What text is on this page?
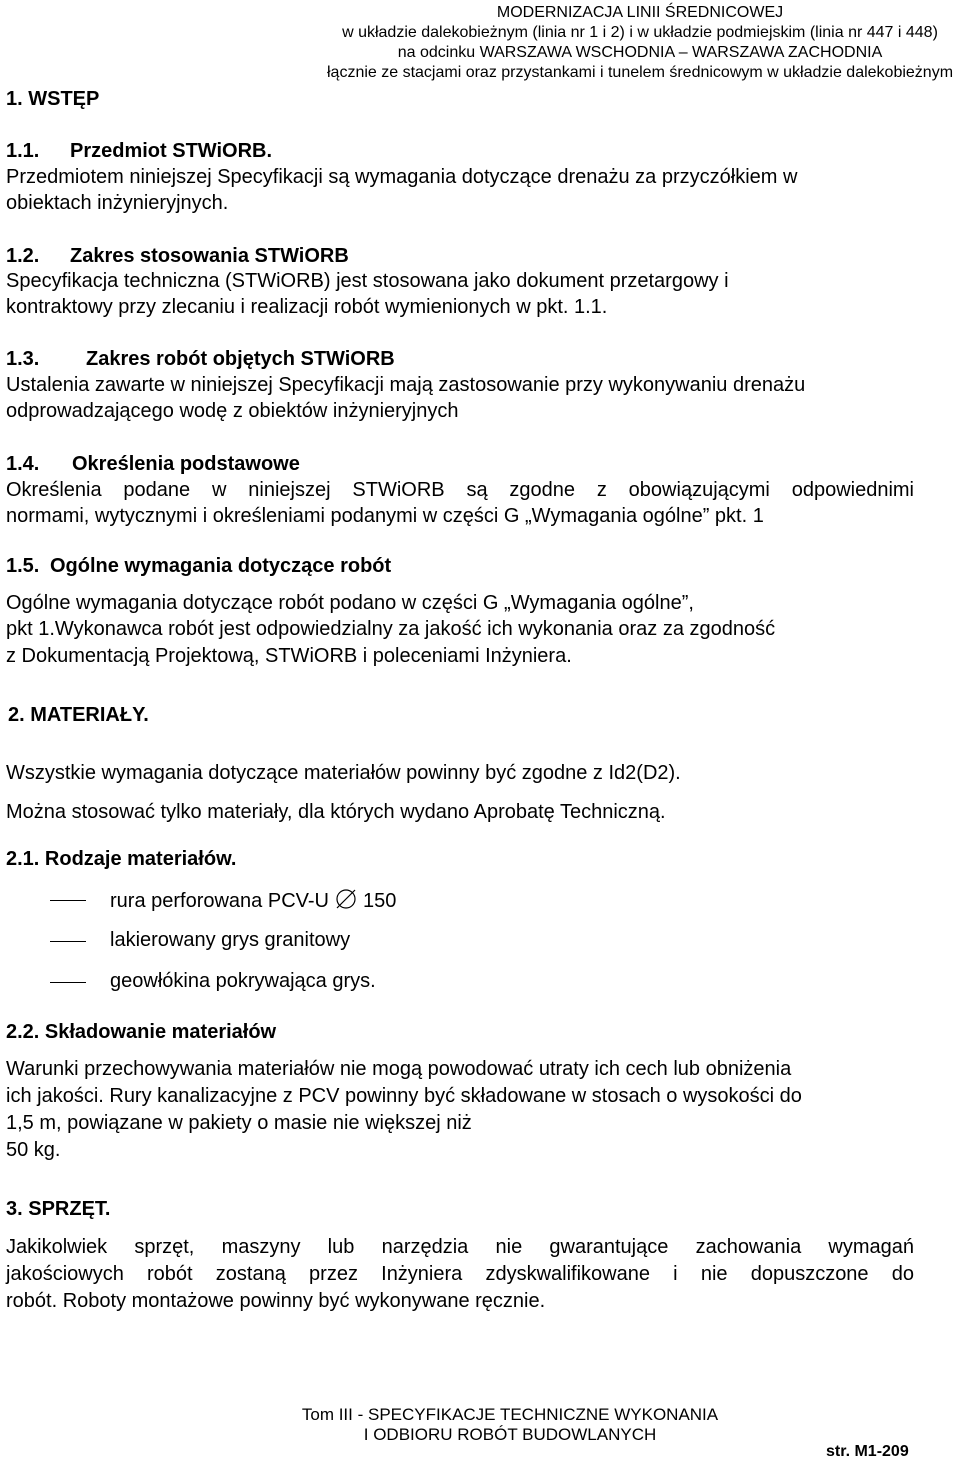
MODERNIZACJA LINII ŚREDNICOWEJ
w układzie dalekobieżnym (linia nr 1 i 2) i w układzie podmiejskim (linia nr 447 i 448)
na odcinku WARSZAWA WSCHODNIA – WARSZAWA ZACHODNIA
łącznie ze stacjami oraz przystankami i tunelem średnicowym w układzie dalekobieżnym
1. WSTĘP
1.1. Przedmiot STWiORB.
Przedmiotem niniejszej Specyfikacji są wymagania dotyczące drenażu za przyczółkiem w
obiektach inżynieryjnych.
1.2. Zakres stosowania STWiORB
Specyfikacja techniczna (STWiORB) jest stosowana jako dokument przetargowy i
kontraktowy przy zlecaniu i realizacji robót wymienionych w pkt. 1.1.
1.3. Zakres robót objętych STWiORB
Ustalenia zawarte w niniejszej Specyfikacji mają zastosowanie przy wykonywaniu drenażu
odprowadzającego wodę z obiektów inżynieryjnych
1.4. Określenia podstawowe
Określenia podane w niniejszej STWiORB są zgodne z obowiązującymi odpowiednimi
normami, wytycznymi i określeniami podanymi w części G „Wymagania ogólne” pkt. 1
1.5. Ogólne wymagania dotyczące robót
Ogólne wymagania dotyczące robót podano w części G „Wymagania ogólne”,
pkt 1.Wykonawca robót jest odpowiedzialny za jakość ich wykonania oraz za zgodność
z Dokumentacją Projektową, STWiORB i poleceniami Inżyniera.
2. MATERIAŁY.
Wszystkie wymagania dotyczące materiałów powinny być zgodne z Id2(D2).
Można stosować tylko materiały, dla których wydano Aprobatę Techniczną.
2.1. Rodzaje materiałów.
rura perforowana PCV-U 150
lakierowany grys granitowy
geowłókina pokrywająca grys.
2.2. Składowanie materiałów
Warunki przechowywania materiałów nie mogą powodować utraty ich cech lub obniżenia
ich jakości. Rury kanalizacyjne z PCV powinny być składowane w stosach o wysokości do
1,5 m, powiązane w pakiety o masie nie większej niż
50 kg.
3. SPRZĘT.
Jakikolwiek sprzęt, maszyny lub narzędzia nie gwarantujące zachowania wymagań
jakościowych robót zostaną przez Inżyniera zdyskwalifikowane i nie dopuszczone do
robót. Roboty montażowe powinny być wykonywane ręcznie.
Tom III - SPECYFIKACJE TECHNICZNE WYKONANIA
I ODBIORU ROBÓT BUDOWLANYCH
str. M1-209
